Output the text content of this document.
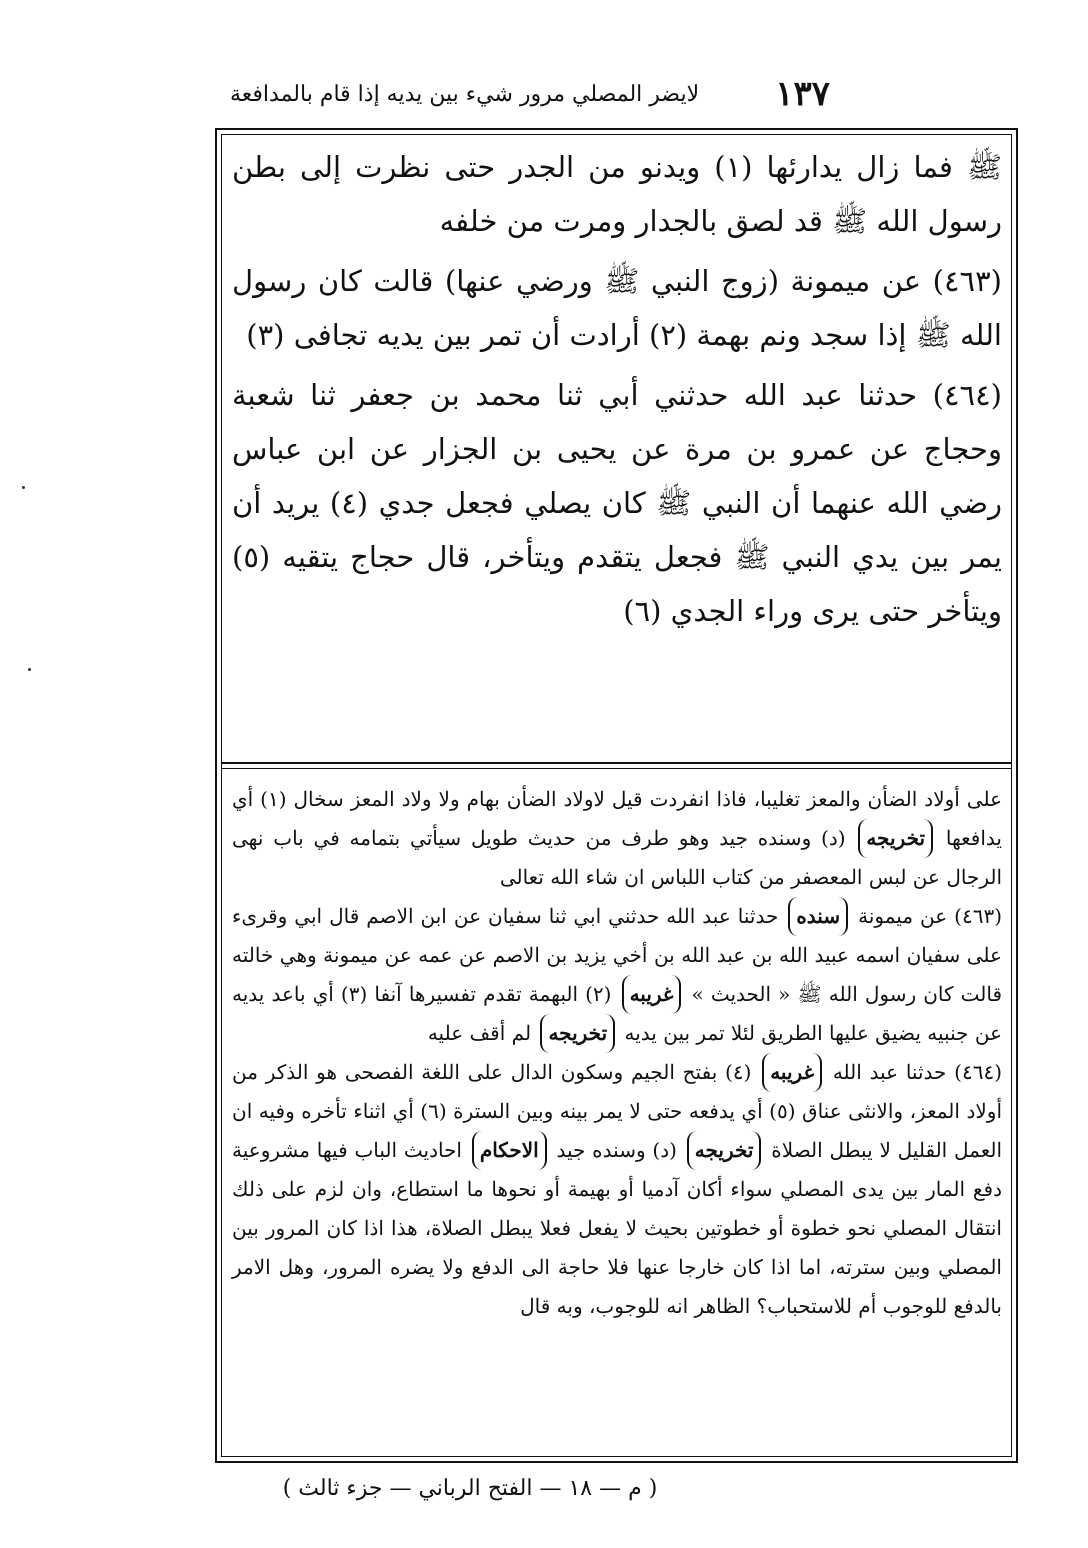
١٣٧
لايضر المصلي مرور شيء بين يديه إذا قام بالمدافعة

ﷺ فما زال يدارئها (١) ويدنو من الجدر حتى نظرت إلى بطن رسول الله ﷺ قد لصق بالجدار ومرت من خلفه

(٤٦٣) عن ميمونة (زوج النبي ﷺ ورضي عنها) قالت كان رسول الله ﷺ إذا سجد ونم بهمة (٢) أرادت أن تمر بين يديه تجافى (٣)

(٤٦٤) حدثنا عبد الله حدثني أبي ثنا محمد بن جعفر ثنا شعبة وحجاج عن عمرو بن مرة عن يحيى بن الجزار عن ابن عباس رضي الله عنهما أن النبي ﷺ كان يصلي فجعل جدي (٤) يريد أن يمر بين يدي النبي ﷺ فجعل يتقدم ويتأخر، قال حجاج يتقيه (٥) ويتأخر حتى يرى وراء الجدي (٦)

على أولاد الضأن والمعز تغليبا، فاذا انفردت قيل لاولاد الضأن بهام ولا ولاد المعز سخال (١) أي يدافعها تخريجه (د) وسنده جيد وهو طرف من حديث طويل سيأتي بتمامه في باب نهى الرجال عن لبس المعصفر من كتاب اللباس ان شاء الله تعالى

(٤٦٣) عن ميمونة سنده حدثنا عبد الله حدثني ابي ثنا سفيان عن ابن الاصم قال ابي وقرىء على سفيان اسمه عبيد الله بن عبد الله بن أخي يزيد بن الاصم عن عمه عن ميمونة وهي خالته قالت كان رسول الله ﷺ « الحديث » غريبه (٢) البهمة تقدم تفسيرها آنفا (٣) أي باعد يديه عن جنبيه يضيق عليها الطريق لئلا تمر بين يديه تخريجه لم أقف عليه

(٤٦٤) حدثنا عبد الله غريبه (٤) بفتح الجيم وسكون الدال على اللغة الفصحى هو الذكر من أولاد المعز، والانثى عناق (٥) أي يدفعه حتى لا يمر بينه وبين السترة (٦) أي اثناء تأخره وفيه ان العمل القليل لا يبطل الصلاة تخريجه (د) وسنده جيد الاحكام احاديث الباب فيها مشروعية دفع المار بين يدى المصلي سواء أكان آدميا أو بهيمة أو نحوها ما استطاع، وان لزم على ذلك انتقال المصلي نحو خطوة أو خطوتين بحيث لا يفعل فعلا يبطل الصلاة، هذا اذا كان المرور بين المصلي وبين سترته، اما اذا كان خارجا عنها فلا حاجة الى الدفع ولا يضره المرور، وهل الامر بالدفع للوجوب أم للاستحباب؟ الظاهر انه للوجوب، وبه قال

( م — ١٨ — الفتح الرباني — جزء ثالث )
